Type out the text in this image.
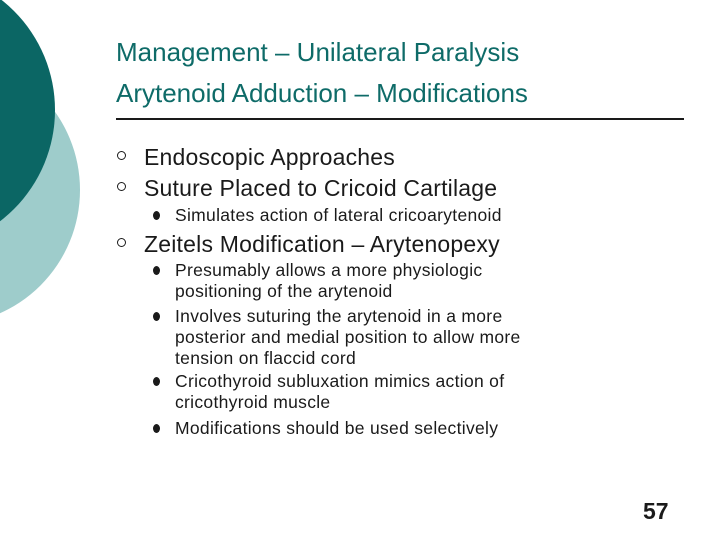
Management – Unilateral Paralysis
Arytenoid Adduction – Modifications
Endoscopic Approaches
Suture Placed to Cricoid Cartilage
Simulates action of lateral cricoarytenoid
Zeitels Modification – Arytenopexy
Presumably allows a more physiologic
positioning of the arytenoid
Involves suturing the arytenoid in a more
posterior and medial position to allow more
tension on flaccid cord
Cricothyroid subluxation mimics action of
cricothyroid muscle
Modifications should be used selectively
57
